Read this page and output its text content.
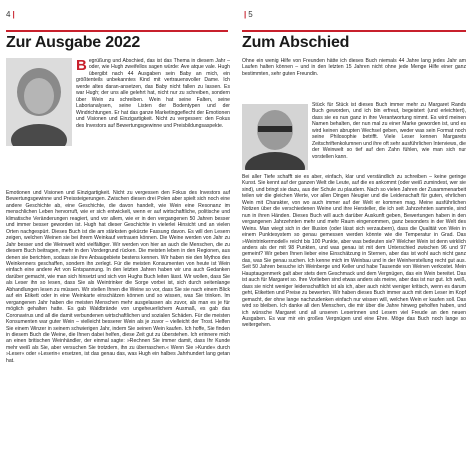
4 |
Zur Ausgabe 2022
B egrüßung und Abschied, das ist das Thema in diesem Jahr – oder, wie Hugh zweifellos sagen würde: Ave atque vale. Hugh übergibt nach 44 Ausgaben sein Baby an mich, ein größtenteils unbekanntes Kind mit vertrauensvoller Dame. Ich werde altes daran-ansetzen, das Baby nicht fallen zu lassen. Es war Hugh; der uns alle gelehrt hat, nicht nur zu schreiben, sondern über Wein zu schreiben. Wein hat seine Falten, seine Laborianalysen, seine Listen der Bodentypen und der Windrichtungen. Er hat das ganze Marketinggeflecht der Emotionen und Visionen und Einzigartigkeit. Nicht zu vergessen: den Fokus des Investors auf Bewertungsgewinne und Preisbildungsaspekte.

Emotionen und Visionen und Einzigartigkeit. Nicht zu vergessen den Fokus des Investors auf Bewertungsgewinne und Preissteigerungen. Zwischen diesen drei Polen aber spielt sich noch eine andere Geschichte ab, eine Geschichte, die davon handelt, wie Wein eine Resonanz im menschlichen Leben hervorruft, wie er sich entwickelt, wenn er auf wirtschaftliche, politische und klimatische Veränderungen reagiert, und vor allem, wie er in den vergangenen 50 Jahren besser und immer besser geworden ist. Hugh hat dieser Geschichte in vielerlei Hinsicht und an vielen Orten nachgespürt. Dieses Buch ist die am stärksten gekürzte Fassung davon. Es will den Lesern zeigen, welchen Weinen sie bei ihrem Weinkauf vertrauen können. Die Weine werden von Jahr zu Jahr besser und die Weinwelt wird vielfältiger. Wir werden von hier an auch die Menschen, die zu diesem Buch beitragen, mehr in den Vordergrund rücken. Die meisten leben in den Regionen, aus denen sie berichten, sodass sie ihre Anbaugebiete bestens kennen. Wir haben nie den Mythos des Weinkenners geschaffen, sondern ihn zerlegt. Für die meisten Konsumenten von heute ist Wein einfach eine andere Art von Entspannung. In den letzten Jahren haben wir uns auch Gedanken darüber gemacht, wie man sich hinsetzt und sich von Hughs Buch leiten lässt. Wir wollen, dass Sie als Leser ihn so lesen, dass Sie als Weintrinker die Sorge vorbei ist, sich durch seitenlange Abhandlungen lesen zu müssen. Wir stellen Ihnen die Weine so vor, dass Sie sie nach einem Blick auf ein Etikett oder in eine Weinkarte einschätzen können und so wissen, was Sie trinken. Im vergangenen Jahr haben die meisten Menschen mehr ausgelassen als zuvor, als man es je für möglich gehalten hatte. Es gab Waldbrände von ungeheuerlichem Ausmaß, es gab das Coronavirus und all die damit verbundenen wirtschaftlichen und sozialen Schäden. Für die meisten Konsumenten war guter Wein – vielleicht besserer Wein als je zuvor – vielleicht der Trost. Helfen Sie einem Winzer in seinem schwierigen Jahr, indem Sie seinen Wein kaufen. Ich hoffe, Sie finden in diesem Buch die Weine, die Ihnen dabei helfen, diese Zeit gut zu überstehen. Ich erinnere mich an einen britischen Weinhändler, der einmal sagte: »Rechnen Sie immer damit, dass Ihr Kunde mehr weiß als Sie, aber versuchen Sie trotzdem, ihn zu überraschen.« Wenn Sie »Kunde« durch »Leser« oder »Leserin« ersetzen, ist das genau das, was Hugh ein halbes Jahrhundert lang getan hat.

| 5
Zum Abschied

Ohne ein wenig Hilfe von Freunden hätte ich dieses Buch niemals 44 Jahre lang jedes Jahr am Laufen halten können – und in den letzten 15 Jahren nicht ohne jede Menge Hilfe einer ganz bestimmten, sehr guten Freundin.

Stück für Stück ist dieses Buch immer mehr zu Margaret Rands Buch geworden, und ich bin erfreut, begeistert (und erleichtert), dass sie es nun ganz in ihre Verantwortung nimmt. Es wird meinen Namen behalten, der nun mal zu einer Marke geworden ist, und es wird keinen abrupten Wechsel geben, weder was sein Format noch seine Philosophie betrifft. Viele Leser kennen Margarets Zeitschriftenkolumnen und ihre oft sehr ausführlichen Interviews, die der Weinwelt so tief auf den Zahn fühlen, wie man sich nur vorstellen kann.

Bei aller Tiefe schafft sie es aber, einfach, klar und verständlich zu schreiben – keine geringe Kunst. Sie kennt auf der ganzen Welt die Leute, auf die es ankommt (oder weiß zumindest, wer sie sind), und bringt sie dazu, aus der Schule zu plaudern. Nach so vielen Jahren der Zusammenarbeit teilen wir die gleichen Werte, vor allen Dingen Neugier und die Leidenschaft für guten, ehrlichen Wein mit Charakter, von wo auch immer auf der Welt er kommen mag. Meine ausführlichen Notizen über die verschiedenen Weine und ihre Hersteller, die ich seit Jahrzehnten sammle, sind nun in ihren Händen. Dieses Buch will auch darüber Auskunft geben, Bewertungen haben in den vergangenen Jahrzehnten mehr und mehr Raum eingenommen, ganz besonders in der Welt des Weins. Man wiegt sich in der Illusion (oder lässt sich verzaubern), dass die Qualität von Wein in einem Punktesystem so genau gemessen werden könnte wie die Temperatur in Grad. Das »Weintrinkermodell« reicht bis 100 Punkte, aber was bedeuten sie? Welcher Wein ist denn wirklich anders als der mit 98 Punkten, und was genau ist mit dem Unterschied zwischen 96 und 97 gemeint? Wir geben Ihnen lieber eine Einschätzung in Sternen, aber das ist wohl auch nicht ganz das, was Sie genau suchen. Ich kenne mich im Weinbau und in der Weinherstellung recht gut aus. Seit 50 Jahren besuche ich Weinberge und Keller und habe Tausende von Weinen verkostet. Mein Hauptaugenmerk galt aber stets dem Geschmack und dem Vergnügen, das ein Wein bereitet. Das ist auch für Margaret so. Ihre Vorlieben sind etwas anders als meine, aber das ist nur gut. Ich weiß, dass sie nicht weniger leidenschaftlich ist als ich, aber auch nicht weniger kritisch, wenn es darum geht, Etiketten und Preise zu bewerten. Wir haben dieses Buch immer auch mit dem Leser im Kopf gemacht, der ohne lange nachzudenken einfach nur wissen will, welchen Wein er kaufen soll. Das wird so bleiben. Ich danke all den Menschen, die mir über die Jahre hinweg geholfen haben, und ich wünsche Margaret und all unseren Leserinnen und Lesern viel Freude an den neuen Ausgaben. Es war mir ein großes Vergnügen und eine Ehre. Möge das Buch noch lange so weitergehen.
